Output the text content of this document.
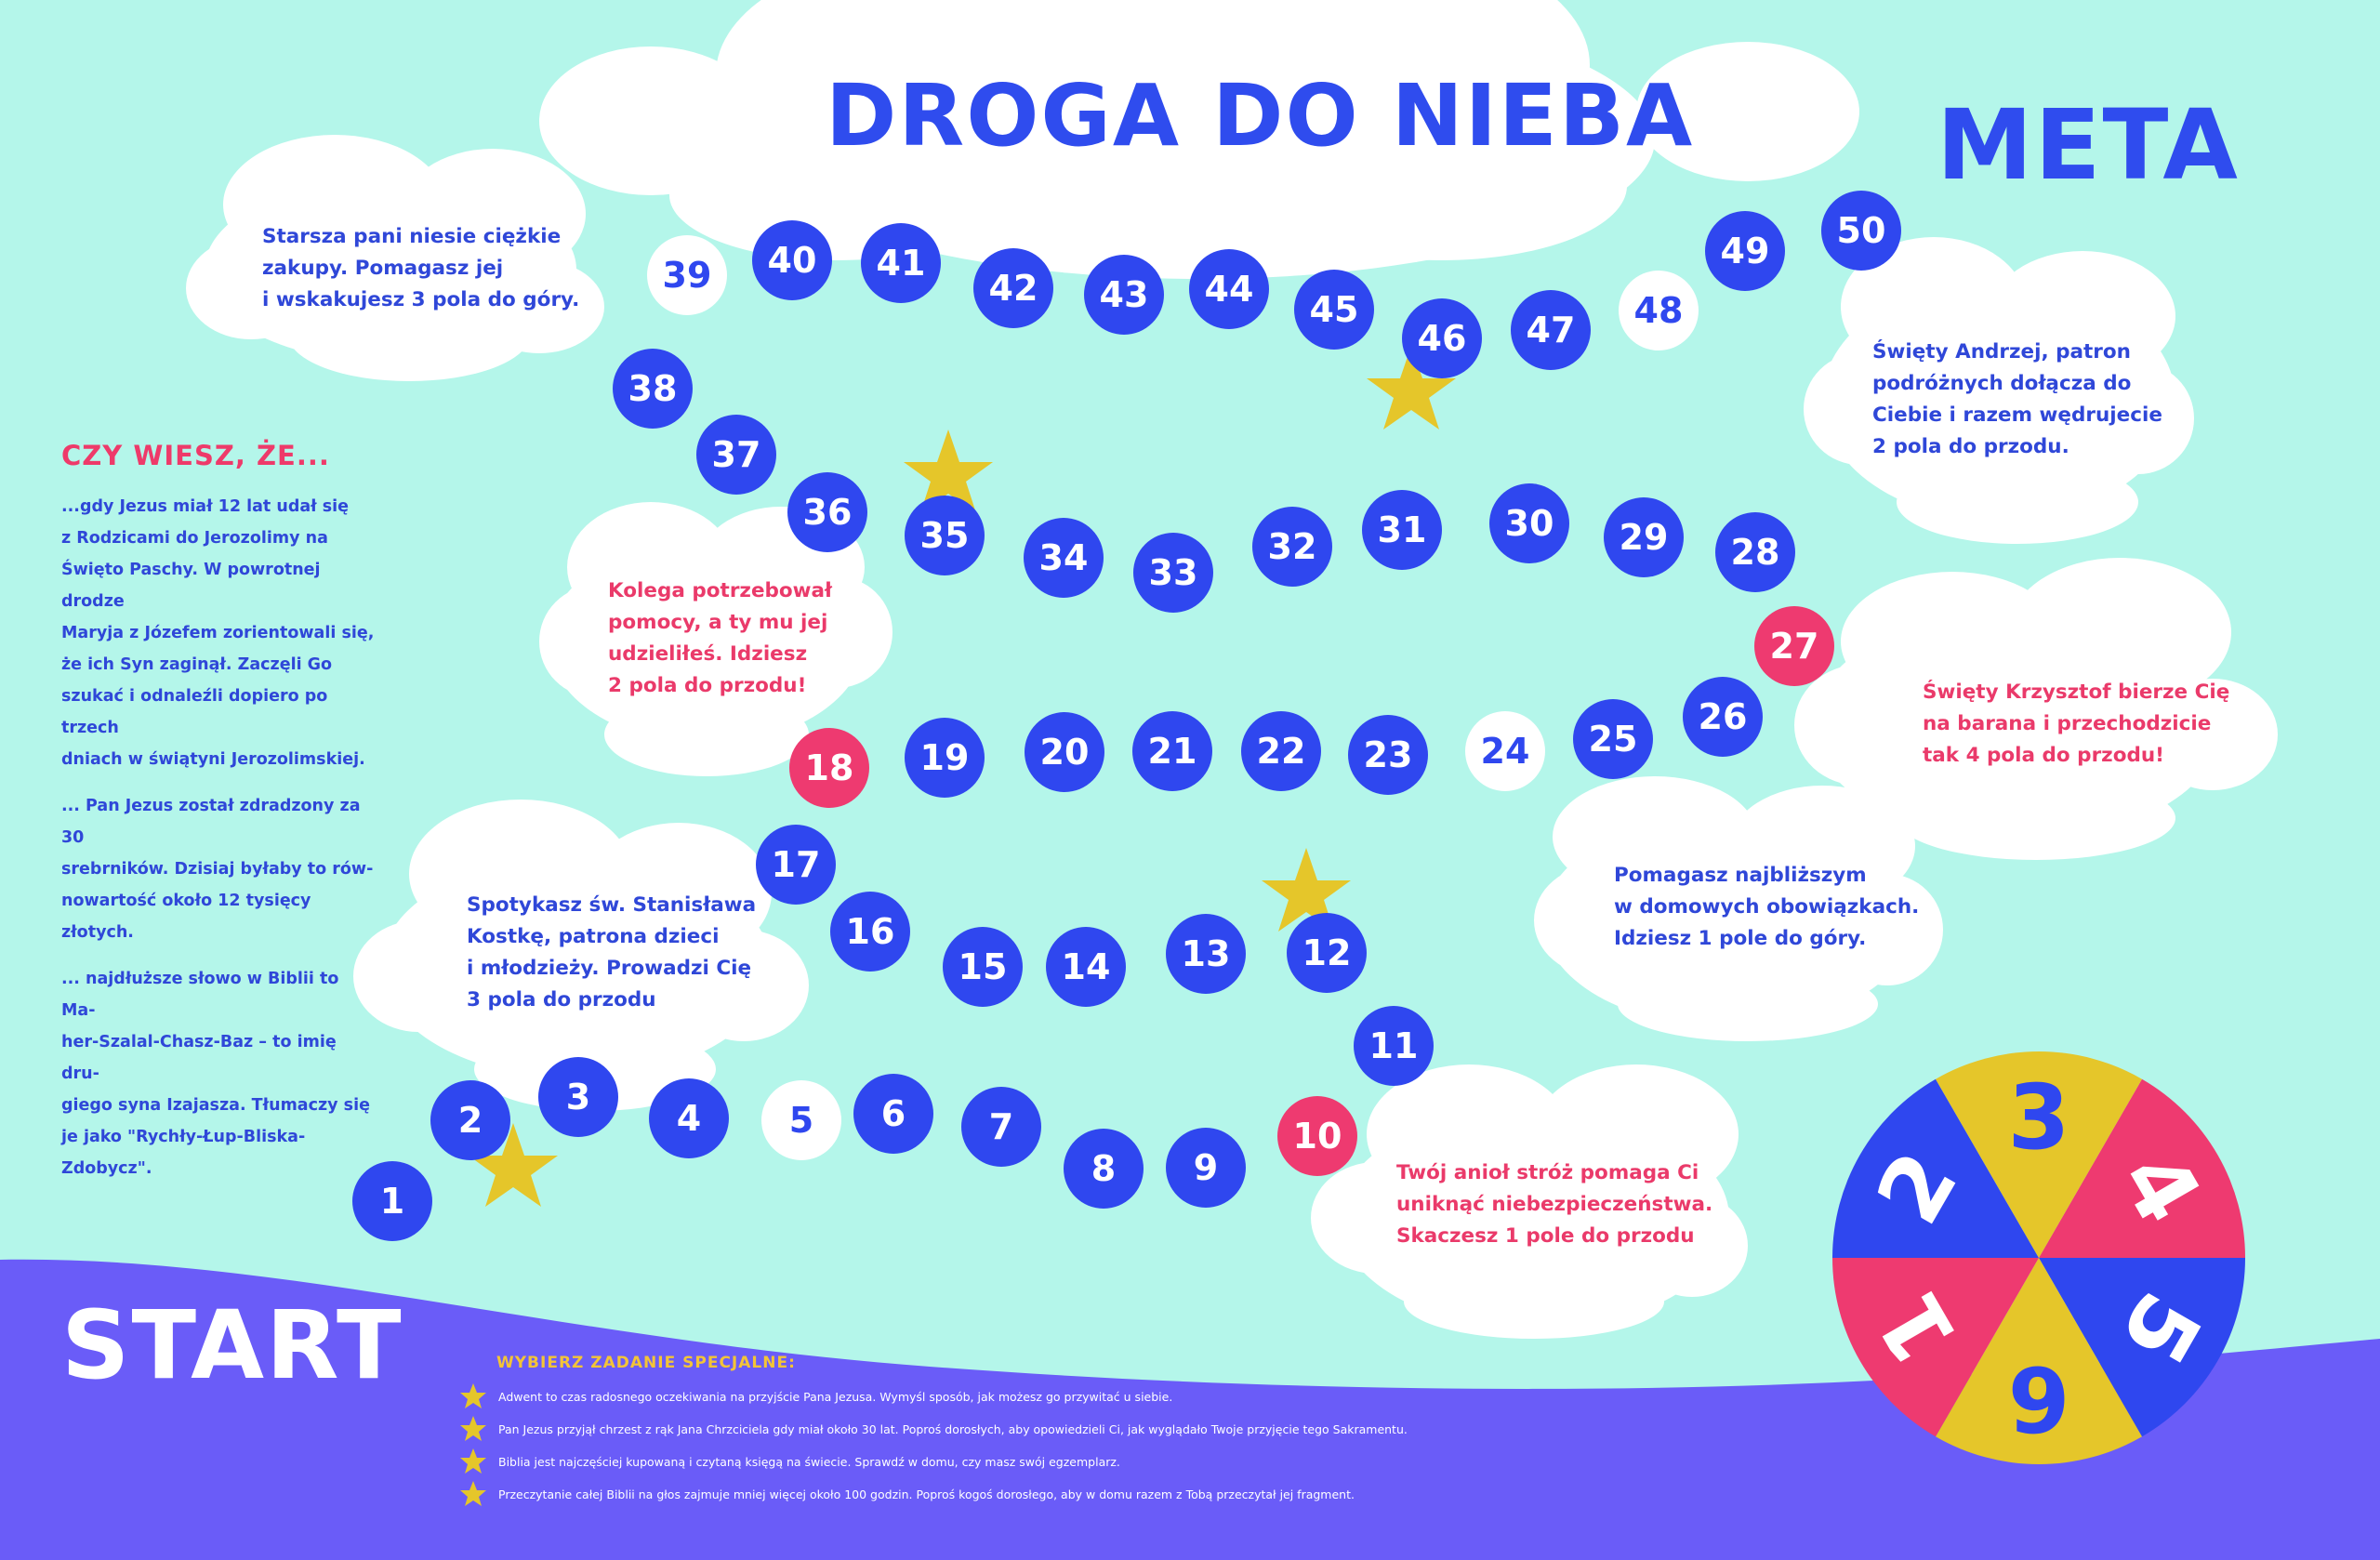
4
5
6
1
2
3
DROGA DO NIEBA	META
START
Starsza pani niesie ciężkie
zakupy. Pomagasz jej
i wskakujesz 3 pola do góry.
Kolega potrzebował
pomocy, a ty mu jej
udzieliłeś. Idziesz
2 pola do przodu!
Spotykasz św. Stanisława
Kostkę, patrona dzieci
i młodzieży. Prowadzi Cię
3 pola do przodu
Twój anioł stróż pomaga Ci
uniknąć niebezpieczeństwa.
Skaczesz 1 pole do przodu
Pomagasz najbliższym
w domowych obowiązkach.
Idziesz 1 pole do góry.
Święty Krzysztof bierze Cię
na barana i przechodzicie
tak 4 pola do przodu!
Święty Andrzej, patron
podróżnych dołącza do
Ciebie i razem wędrujecie
2 pola do przodu.
CZY WIESZ, ŻE...
...gdy Jezus miał 12 lat udał się
z Rodzicami do Jerozolimy na
Święto Paschy. W powrotnej drodze
Maryja z Józefem zorientowali się,
że ich Syn zaginął. Zaczęli Go
szukać i odnaleźli dopiero po trzech
dniach w świątyni Jerozolimskiej.
... Pan Jezus został zdradzony za 30
srebrników. Dzisiaj byłaby to rów-
nowartość około 12 tysięcy złotych.
... najdłuższe słowo w Biblii to Ma-
her-Szalal-Chasz-Baz – to imię dru-
giego syna Izajasza. Tłumaczy się
je jako "Rychły-Łup-Bliska-Zdobycz".
1
2
3
4	5	6	7
8	9
10
11
12
13
14
15
16
17
18	19	20	21	22	23	24	25
26
27
28
29
30
31
32
33
34
35
36
37
38
39	40	41
42	43	44	45
46	47	48
49	50
WYBIERZ ZADANIE SPECJALNE:
Adwent to czas radosnego oczekiwania na przyjście Pana Jezusa. Wymyśl sposób, jak możesz go przywitać u siebie.
Pan Jezus przyjął chrzest z rąk Jana Chrzciciela gdy miał około 30 lat. Poproś dorosłych, aby opowiedzieli Ci, jak wyglądało Twoje przyjęcie tego Sakramentu.
Biblia jest najczęściej kupowaną i czytaną księgą na świecie. Sprawdź w domu, czy masz swój egzemplarz.
Przeczytanie całej Biblii na głos zajmuje mniej więcej około 100 godzin. Poproś kogoś dorosłego, aby w domu razem z Tobą przeczytał jej fragment.
